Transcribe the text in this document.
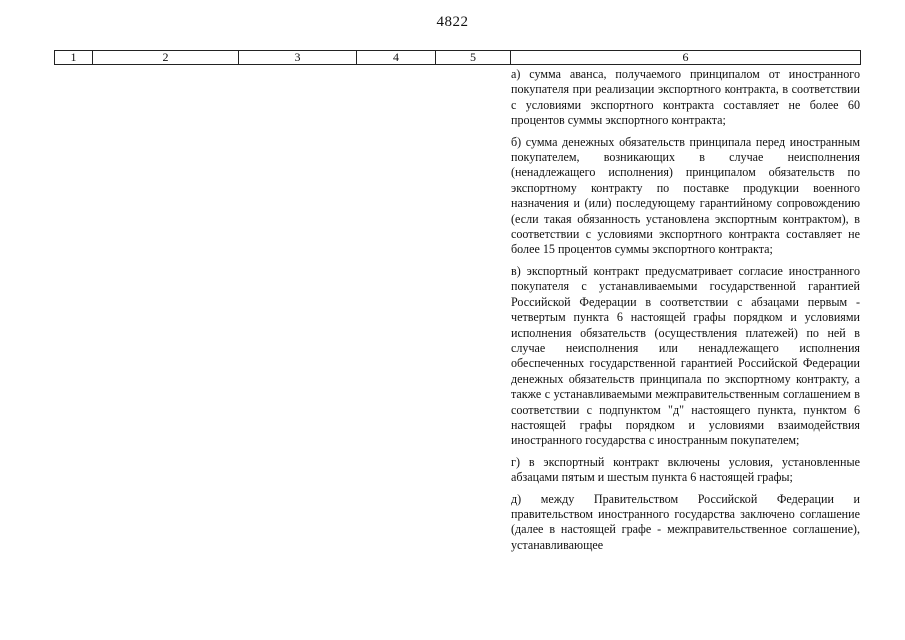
4822
1	2	3	4	5	6

а) сумма аванса, получаемого принципалом от иностранного покупателя при реализации экспортного контракта, в соответствии с условиями экспортного контракта составляет не более 60 процентов суммы экспортного контракта;

б) сумма денежных обязательств принципала перед иностранным покупателем, возникающих в случае неисполнения (ненадлежащего исполнения) принципалом обязательств по экспортному контракту по поставке продукции военного назначения и (или) последующему гарантийному сопровождению (если такая обязанность установлена экспортным контрактом), в соответствии с условиями экспортного контракта составляет не более 15 процентов суммы экспортного контракта;

в) экспортный контракт предусматривает согласие иностранного покупателя с устанавливаемыми государственной гарантией Российской Федерации в соответствии с абзацами первым - четвертым пункта 6 настоящей графы порядком и условиями исполнения обязательств (осуществления платежей) по ней в случае неисполнения или ненадлежащего исполнения обеспеченных государственной гарантией Российской Федерации денежных обязательств принципала по экспортному контракту, а также с устанавливаемыми межправительственным соглашением в соответствии с подпунктом "д" настоящего пункта, пунктом 6 настоящей графы порядком и условиями взаимодействия иностранного государства с иностранным покупателем;

г) в экспортный контракт включены условия, установленные абзацами пятым и шестым пункта 6 настоящей графы;

д) между Правительством Российской Федерации и правительством иностранного государства заключено соглашение (далее в настоящей графе - межправительственное соглашение), устанавливающее
